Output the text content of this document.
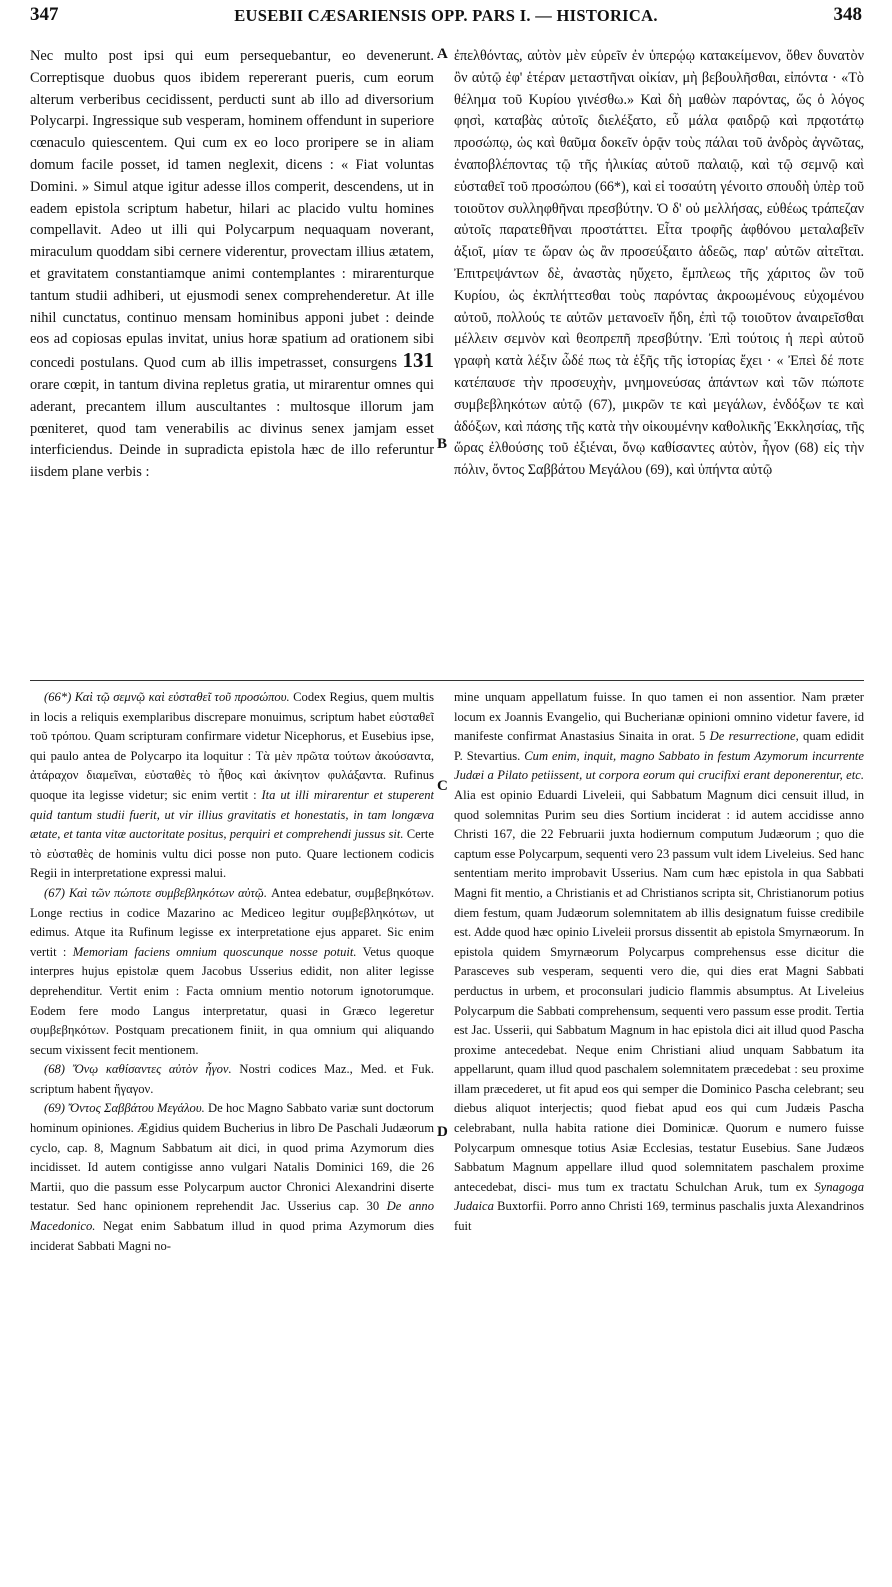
347	EUSEBII CÆSARIENSIS OPP. PARS I. — HISTORICA.	348
A
B
C
D

Nec multo post ipsi qui eum persequebantur, eo devenerunt. Correptisque duobus quos ibidem repererant pueris, cum eorum alterum verberibus cecidissent, perducti sunt ab illo ad diversorium Polycarpi. Ingressique sub vesperam, hominem offendunt in superiore cœnaculo quiescentem. Qui cum ex eo loco proripere se in aliam domum facile posset, id tamen neglexit, dicens : « Fiat voluntas Domini. » Simul atque igitur adesse illos comperit, descendens, ut in eadem epistola scriptum habetur, hilari ac placido vultu homines compellavit. Adeo ut illi qui Polycarpum nequaquam noverant, miraculum quoddam sibi cernere viderentur, provectam illius ætatem, et gravitatem constantiamque animi contemplantes : mirarenturque tantum studii adhiberi, ut ejusmodi senex comprehenderetur. At ille nihil cunctatus, continuo mensam hominibus apponi jubet : deinde eos ad copiosas epulas invitat, unius horæ spatium ad orationem sibi concedi postulans. Quod cum ab illis impetrasset, consurgens 131 orare cœpit, in tantum divina repletus gratia, ut mirarentur omnes qui aderant, precantem illum auscultantes : multosque illorum jam pœniteret, quod tam venerabilis ac divinus senex jamjam esset interficiendus. Deinde in supradicta epistola hæc de illo referuntur iisdem plane verbis :

ἐπελθόντας, αὐτὸν μὲν εὑρεῖν ἐν ὑπερῴῳ κατακείμενον, ὅθεν δυνατὸν ὂν αὐτῷ ἐφ' ἑτέραν μεταστῆναι οἰκίαν, μὴ βεβουλῆσθαι, εἰπόντα · «Τὸ θέλημα τοῦ Κυρίου γινέσθω.» Καὶ δὴ μαθὼν παρόντας, ὥς ὁ λόγος φησὶ, καταβὰς αὐτοῖς διελέξατο, εὖ μάλα φαιδρῷ καὶ πρᾳοτάτῳ προσώπῳ, ὡς καὶ θαῦμα δοκεῖν ὁρᾷν τοὺς πάλαι τοῦ ἀνδρὸς ἀγνῶτας, ἐναποβλέποντας τῷ τῆς ἡλικίας αὐτοῦ παλαιῷ, καὶ τῷ σεμνῷ καὶ εὐσταθεῖ τοῦ προσώπου (66*), καὶ εἰ τοσαύτη γένοιτο σπουδὴ ὑπὲρ τοῦ τοιοῦτον συλληφθῆναι πρεσβύτην. Ὁ δ' οὐ μελλήσας, εὐθέως τράπεζαν αὐτοῖς παρατεθῆναι προστάττει. Εἶτα τροφῆς ἀφθόνου μεταλαβεῖν ἀξιοῖ, μίαν τε ὥραν ὡς ἂν προσεύξαιτο ἀδεῶς, παρ' αὐτῶν αἰτεῖται. Ἐπιτρεψάντων δὲ, ἀναστὰς ηὔχετο, ἔμπλεως τῆς χάριτος ὢν τοῦ Κυρίου, ὡς ἐκπλήττεσθαι τοὺς παρόντας ἀκροωμένους εὐχομένου αὐτοῦ, πολλούς τε αὐτῶν μετανοεῖν ἤδη, ἐπὶ τῷ τοιοῦτον ἀναιρεῖσθαι μέλλειν σεμνὸν καὶ θεοπρεπῆ πρεσβύτην. Ἐπὶ τούτοις ἡ περὶ αὐτοῦ γραφὴ κατὰ λέξιν ὧδέ πως τὰ ἑξῆς τῆς ἱστορίας ἔχει · « Ἐπεὶ δέ ποτε κατέπαυσε τὴν προσευχὴν, μνημονεύσας ἁπάντων καὶ τῶν πώποτε συμβεβληκότων αὐτῷ (67), μικρῶν τε καὶ μεγάλων, ἐνδόξων τε καὶ ἀδόξων, καὶ πάσης τῆς κατὰ τὴν οἰκουμένην καθολικῆς Ἐκκλησίας, τῆς ὥρας ἐλθούσης τοῦ ἐξιέναι, ὄνῳ καθίσαντες αὐτὸν, ἦγον (68) εἰς τὴν πόλιν, ὄντος Σαββάτου Μεγάλου (69), καὶ ὑπήντα αὐτῷ

(66*) Καὶ τῷ σεμνῷ καὶ εὐσταθεῖ τοῦ προσώπου. Codex Regius, quem multis in locis a reliquis exemplaribus discrepare monuimus, scriptum habet εὐσταθεῖ τοῦ τρόπου. Quam scripturam confirmare videtur Nicephorus, et Eusebius ipse, qui paulo antea de Polycarpo ita loquitur : Τὰ μὲν πρῶτα τούτων ἀκούσαντα, ἀτάραχον διαμεῖναι, εὐσταθὲς τὸ ἦθος καὶ ἀκίνητον φυλάξαντα. Rufinus quoque ita legisse videtur; sic enim vertit : Ita ut illi mirarentur et stuperent quid tantum studii fuerit, ut vir illius gravitatis et honestatis, in tam longæva ætate, et tanta vitæ auctoritate positus, perquiri et comprehendi jussus sit. Certe τὸ εὐσταθὲς de hominis vultu dici posse non puto. Quare lectionem codicis Regii in interpretatione expressi malui.

(67) Καὶ τῶν πώποτε συμβεβληκότων αὐτῷ. Antea edebatur, συμβεβηκότων. Longe rectius in codice Mazarino ac Mediceo legitur συμβεβληκότων, ut edimus. Atque ita Rufinum legisse ex interpretatione ejus apparet. Sic enim vertit : Memoriam faciens omnium quoscunque nosse potuit. Vetus quoque interpres hujus epistolæ quem Jacobus Usserius edidit, non aliter legisse deprehenditur. Vertit enim : Facta omnium mentio notorum ignotorumque. Eodem fere modo Langus interpretatur, quasi in Græco legeretur συμβεβηκότων. Postquam precationem finiit, in qua omnium qui aliquando secum vixissent fecit mentionem.

(68) Ὄνῳ καθίσαντες αὐτὸν ἦγον. Nostri codices Maz., Med. et Fuk. scriptum habent ἤγαγον.

(69) Ὄντος Σαββάτου Μεγάλου. De hoc Magno Sabbato variæ sunt doctorum hominum opiniones. Ægidius quidem Bucherius in libro De Paschali Judæorum cyclo, cap. 8, Magnum Sabbatum ait dici, in quod prima Azymorum dies incidisset. Id autem contigisse anno vulgari Natalis Dominici 169, die 26 Martii, quo die passum esse Polycarpum auctor Chronici Alexandrini diserte testatur. Sed hanc opinionem reprehendit Jac. Usserius cap. 30 De anno Macedonico. Negat enim Sabbatum illud in quod prima Azymorum dies inciderat Sabbati Magni no-

mine unquam appellatum fuisse. In quo tamen ei non assentior. Nam præter locum ex Joannis Evangelio, qui Bucherianæ opinioni omnino videtur favere, id manifeste confirmat Anastasius Sinaita in orat. 5 De resurrectione, quam edidit P. Stevartius. Cum enim, inquit, magno Sabbato in festum Azymorum incurrente Judæi a Pilato petiissent, ut corpora eorum qui crucifixi erant deponerentur, etc. Alia est opinio Eduardi Liveleii, qui Sabbatum Magnum dici censuit illud, in quod solemnitas Purim seu dies Sortium inciderat : id autem accidisse anno Christi 167, die 22 Februarii juxta hodiernum computum Judæorum ; quo die captum esse Polycarpum, sequenti vero 23 passum vult idem Liveleius. Sed hanc sententiam merito improbavit Usserius. Nam cum hæc epistola in qua Sabbati Magni fit mentio, a Christianis et ad Christianos scripta sit, Christianorum potius diem festum, quam Judæorum solemnitatem ab illis designatum fuisse credibile est. Adde quod hæc opinio Liveleii prorsus dissentit ab epistola Smyrnæorum. In epistola quidem Smyrnæorum Polycarpus comprehensus esse dicitur die Parasceves sub vesperam, sequenti vero die, qui dies erat Magni Sabbati perductus in urbem, et proconsulari judicio flammis absumptus. At Liveleius Polycarpum die Sabbati comprehensum, sequenti vero passum esse prodit. Tertia est Jac. Usserii, qui Sabbatum Magnum in hac epistola dici ait illud quod Pascha proxime antecedebat. Neque enim Christiani aliud unquam Sabbatum ita appellarunt, quam illud quod paschalem solemnitatem præcedebat : seu proxime illam præcederet, ut fit apud eos qui semper die Dominico Pascha celebrant; seu diebus aliquot interjectis; quod fiebat apud eos qui cum Judæis Pascha celebrabant, nulla habita ratione diei Dominicæ. Quorum e numero fuisse Polycarpum omnesque totius Asiæ Ecclesias, testatur Eusebius. Sane Judæos Sabbatum Magnum appellare illud quod solemnitatem paschalem proxime antecedebat, disci- mus tum ex tractatu Schulchan Aruk, tum ex Synagoga Judaica Buxtorfii. Porro anno Christi 169, terminus paschalis juxta Alexandrinos fuit
